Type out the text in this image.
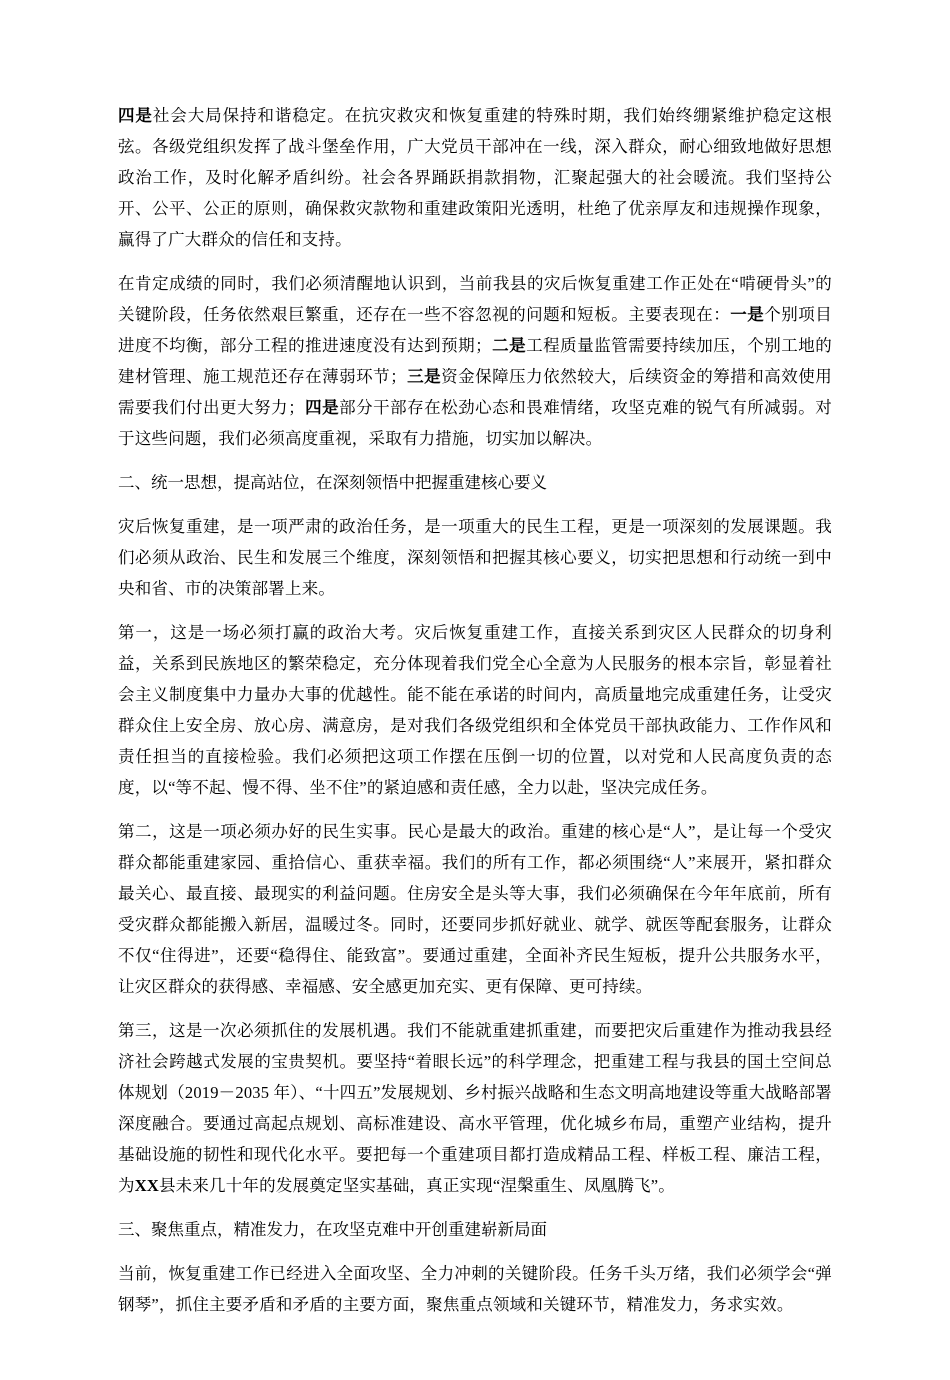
四是社会大局保持和谐稳定。在抗灾救灾和恢复重建的特殊时期，我们始终绷紧维护稳定这根弦。各级党组织发挥了战斗堡垒作用，广大党员干部冲在一线，深入群众，耐心细致地做好思想政治工作，及时化解矛盾纠纷。社会各界踊跃捐款捐物，汇聚起强大的社会暖流。我们坚持公开、公平、公正的原则，确保救灾款物和重建政策阳光透明，杜绝了优亲厚友和违规操作现象，赢得了广大群众的信任和支持。

在肯定成绩的同时，我们必须清醒地认识到，当前我县的灾后恢复重建工作正处在“啃硬骨头”的关键阶段，任务依然艰巨繁重，还存在一些不容忽视的问题和短板。主要表现在：一是个别项目进度不均衡，部分工程的推进速度没有达到预期；二是工程质量监管需要持续加压，个别工地的建材管理、施工规范还存在薄弱环节；三是资金保障压力依然较大，后续资金的筹措和高效使用需要我们付出更大努力；四是部分干部存在松劲心态和畏难情绪，攻坚克难的锐气有所减弱。对于这些问题，我们必须高度重视，采取有力措施，切实加以解决。

二、统一思想，提高站位，在深刻领悟中把握重建核心要义

灾后恢复重建，是一项严肃的政治任务，是一项重大的民生工程，更是一项深刻的发展课题。我们必须从政治、民生和发展三个维度，深刻领悟和把握其核心要义，切实把思想和行动统一到中央和省、市的决策部署上来。

第一，这是一场必须打赢的政治大考。灾后恢复重建工作，直接关系到灾区人民群众的切身利益，关系到民族地区的繁荣稳定，充分体现着我们党全心全意为人民服务的根本宗旨，彰显着社会主义制度集中力量办大事的优越性。能不能在承诺的时间内，高质量地完成重建任务，让受灾群众住上安全房、放心房、满意房，是对我们各级党组织和全体党员干部执政能力、工作作风和责任担当的直接检验。我们必须把这项工作摆在压倒一切的位置，以对党和人民高度负责的态度，以“等不起、慢不得、坐不住”的紧迫感和责任感，全力以赴，坚决完成任务。

第二，这是一项必须办好的民生实事。民心是最大的政治。重建的核心是“人”，是让每一个受灾群众都能重建家园、重拾信心、重获幸福。我们的所有工作，都必须围绕“人”来展开，紧扣群众最关心、最直接、最现实的利益问题。住房安全是头等大事，我们必须确保在今年年底前，所有受灾群众都能搬入新居，温暖过冬。同时，还要同步抓好就业、就学、就医等配套服务，让群众不仅“住得进”，还要“稳得住、能致富”。要通过重建，全面补齐民生短板，提升公共服务水平，让灾区群众的获得感、幸福感、安全感更加充实、更有保障、更可持续。

第三，这是一次必须抓住的发展机遇。我们不能就重建抓重建，而要把灾后重建作为推动我县经济社会跨越式发展的宝贵契机。要坚持“着眼长远”的科学理念，把重建工程与我县的国土空间总体规划（2019－2035 年）、“十四五”发展规划、乡村振兴战略和生态文明高地建设等重大战略部署深度融合。要通过高起点规划、高标准建设、高水平管理，优化城乡布局，重塑产业结构，提升基础设施的韧性和现代化水平。要把每一个重建项目都打造成精品工程、样板工程、廉洁工程，为XX县未来几十年的发展奠定坚实基础，真正实现“涅槃重生、凤凰腾飞”。

三、聚焦重点，精准发力，在攻坚克难中开创重建崭新局面

当前，恢复重建工作已经进入全面攻坚、全力冲刺的关键阶段。任务千头万绪，我们必须学会“弹钢琴”，抓住主要矛盾和矛盾的主要方面，聚焦重点领域和关键环节，精准发力，务求实效。
